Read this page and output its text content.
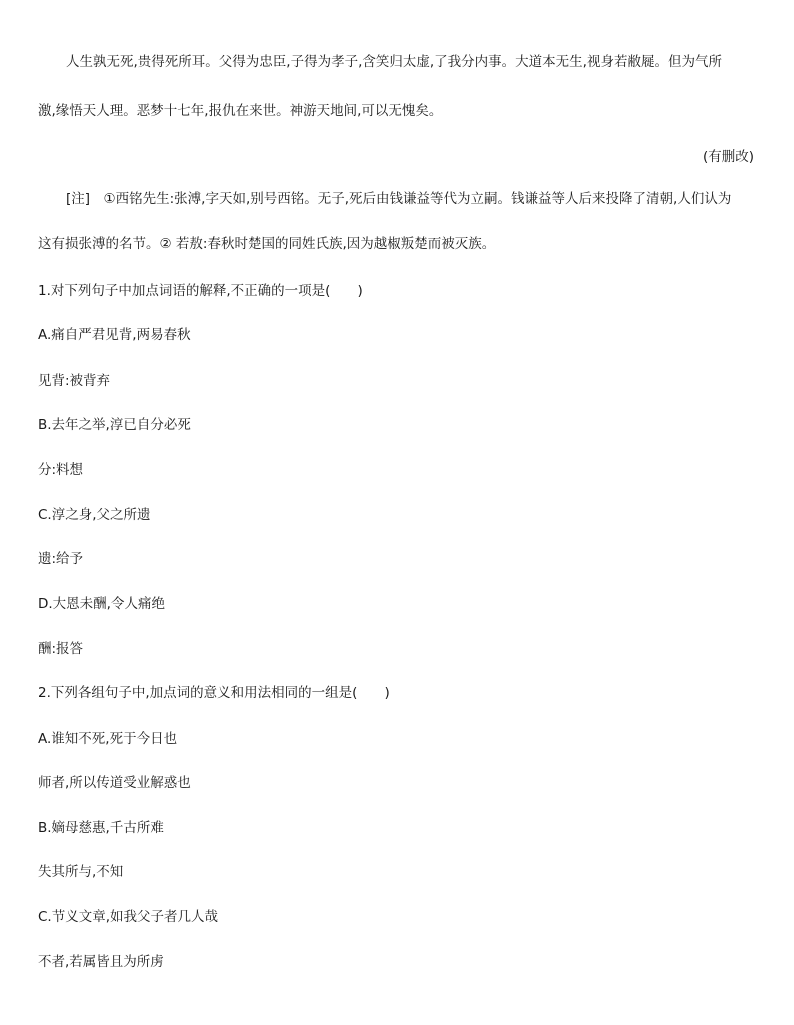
人生孰无死,贵得死所耳。父得为忠臣,子得为孝子,含笑归太虚,了我分内事。大道本无生,视身若敝屣。但为气所
激,缘悟天人理。恶梦十七年,报仇在来世。神游天地间,可以无愧矣。
(有删改)
[注]　①西铭先生:张溥,字天如,别号西铭。无子,死后由钱谦益等代为立嗣。钱谦益等人后来投降了清朝,人们认为
这有损张溥的名节。② 若敖:春秋时楚国的同姓氏族,因为越椒叛楚而被灭族。
1.对下列句子中加点词语的解释,不正确的一项是(　　)
A.痛自严君见背,两易春秋
见背:被背弃
B.去年之举,淳已自分必死
分:料想
C.淳之身,父之所遗
遗:给予
D.大恩未酬,令人痛绝
酬:报答
2.下列各组句子中,加点词的意义和用法相同的一组是(　　)
A.谁知不死,死于今日也
师者,所以传道受业解惑也
B.嫡母慈惠,千古所难
失其所与,不知
C.节义文章,如我父子者几人哉
不者,若属皆且为所虏
